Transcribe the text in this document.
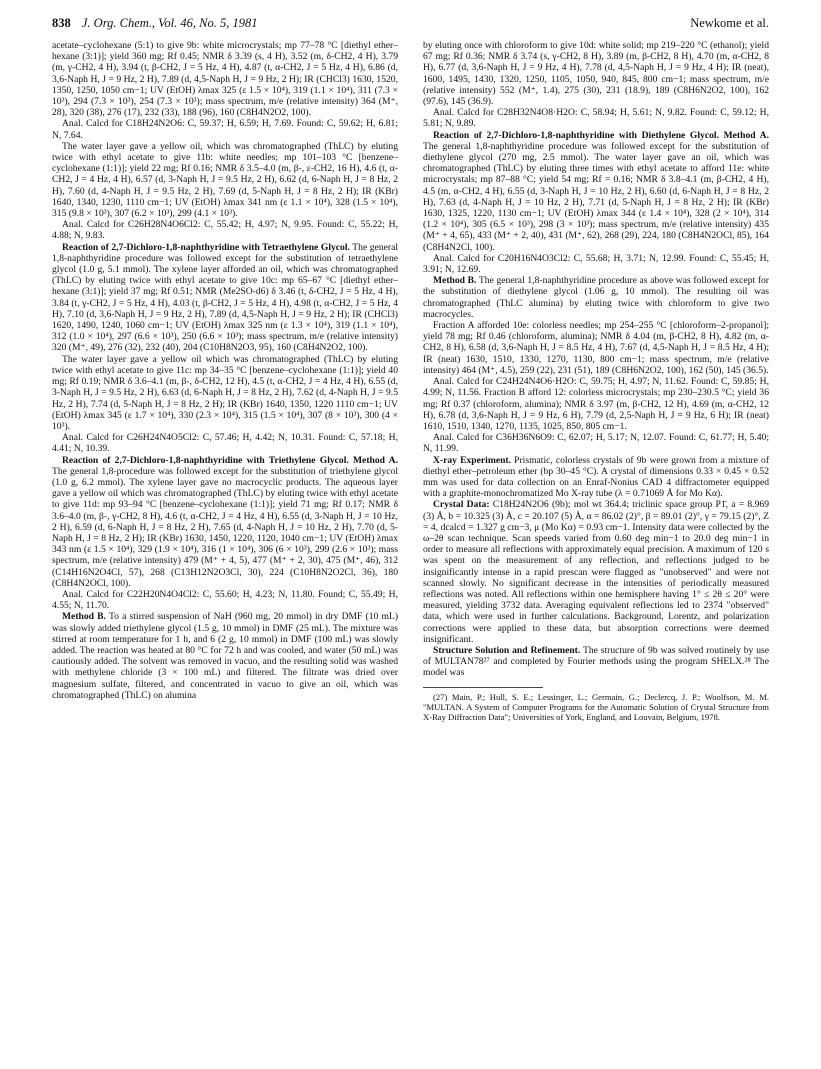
838 J. Org. Chem., Vol. 46, No. 5, 1981	Newkome et al.

acetate–cyclohexane (5:1) to give 9b: white microcrystals; mp 77–78 °C [diethyl ether–hexane (3:1)]; yield 360 mg; Rf 0.45; NMR δ 3.39 (s, 4 H), 3.52 (m, δ-CH2, 4 H), 3.79 (m, γ-CH2, 4 H), 3.94 (t, β-CH2, J = 5 Hz, 4 H), 4.87 (t, α-CH2, J = 5 Hz, 4 H), 6.86 (d, 3,6-Naph H, J = 9 Hz, 2 H), 7.89 (d, 4,5-Naph H, J = 9 Hz, 2 H); IR (CHCl3) 1630, 1520, 1350, 1250, 1050 cm−1; UV (EtOH) λmax 325 (ε 1.5 × 10⁴), 319 (1.1 × 10⁴), 311 (7.3 × 10³), 294 (7.3 × 10³), 254 (7.3 × 10³); mass spectrum, m/e (relative intensity) 364 (M⁺, 28), 320 (38), 276 (17), 232 (33), 188 (96), 160 (C8H4N2O2, 100).

Anal. Calcd for C18H24N2O6: C, 59.37; H, 6.59; H, 7.69. Found: C, 59.62; H, 6.81; N, 7.64.

The water layer gave a yellow oil, which was chromatographed (ThLC) by eluting twice with ethyl acetate to give 11b: white needles; mp 101–103 °C [benzene–cyclohexane (1:1)]; yield 22 mg; Rf 0.16; NMR δ 3.5–4.0 (m, β-, ε-CH2, 16 H), 4.6 (t, α-CH2, J = 4 Hz, 4 H), 6.57 (d, 3-Naph H, J = 9.5 Hz, 2 H), 6.62 (d, 6-Naph H, J = 8 Hz, 2 H), 7.60 (d, 4-Naph H, J = 9.5 Hz, 2 H), 7.69 (d, 5-Naph H, J = 8 Hz, 2 H); IR (KBr) 1640, 1340, 1230, 1110 cm−1; UV (EtOH) λmax 341 nm (ε 1.1 × 10⁴), 328 (1.5 × 10⁴), 315 (9.8 × 10³), 307 (6.2 × 10³), 299 (4.1 × 10³).

Anal. Calcd for C26H28N4O6Cl2: C, 55.42; H, 4.97; N, 9.95. Found: C, 55.22; H, 4.88; N, 9.83.

Reaction of 2,7-Dichloro-1,8-naphthyridine with Tetraethylene Glycol. The general 1,8-naphthyridine procedure was followed except for the substitution of tetraethylene glycol (1.0 g, 5.1 mmol). The xylene layer afforded an oil, which was chromatographed (ThLC) by eluting twice with ethyl acetate to give 10c: mp 65–67 °C [diethyl ether–hexane (3:1)]; yield 37 mg; Rf 0.51; NMR (Me2SO-d6) δ 3.46 (t, δ-CH2, J = 5 Hz, 4 H), 3.84 (t, γ-CH2, J = 5 Hz, 4 H), 4.03 (t, β-CH2, J = 5 Hz, 4 H), 4.98 (t, α-CH2, J = 5 Hz, 4 H), 7.10 (d, 3,6-Naph H, J = 9 Hz, 2 H), 7.89 (d, 4,5-Naph H, J = 9 Hz, 2 H); IR (CHCl3) 1620, 1490, 1240, 1060 cm−1; UV (EtOH) λmax 325 nm (ε 1.3 × 10⁴), 319 (1.1 × 10⁴), 312 (1.0 × 10⁴), 297 (6.6 × 10³), 250 (6.6 × 10³); mass spectrum, m/e (relative intensity) 320 (M⁺, 49), 276 (32), 232 (40), 204 (C10H8N2O3, 95), 160 (C8H4N2O2, 100).

The water layer gave a yellow oil which was chromatographed (ThLC) by eluting twice with ethyl acetate to give 11c: mp 34–35 °C [benzene–cyclohexane (1:1)]; yield 40 mg; Rf 0.19; NMR δ 3.6–4.1 (m, β-, δ-CH2, 12 H), 4.5 (t, α-CH2, J = 4 Hz, 4 H), 6.55 (d, 3-Naph H, J = 9.5 Hz, 2 H), 6.63 (d, 6-Naph H, J = 8 Hz, 2 H), 7.62 (d, 4-Naph H, J = 9.5 Hz, 2 H), 7.74 (d, 5-Naph H, J = 8 Hz, 2 H); IR (KBr) 1640, 1350, 1220 1110 cm−1; UV (EtOH) λmax 345 (ε 1.7 × 10⁴), 330 (2.3 × 10⁴), 315 (1.5 × 10⁴), 307 (8 × 10³), 300 (4 × 10³).

Anal. Calcd for C26H24N4O5Cl2: C, 57.46; H, 4.42; N, 10.31. Found: C, 57.18; H, 4.41; N, 10.39.

Reaction of 2,7-Dichloro-1,8-naphthyridine with Triethylene Glycol. Method A. The general 1,8-procedure was followed except for the substitution of triethylene glycol (1.0 g, 6.2 mmol). The xylene layer gave no macrocyclic products. The aqueous layer gave a yellow oil which was chromatographed (ThLC) by eluting twice with ethyl acetate to give 11d: mp 93–94 °C [benzene–cyclohexane (1:1)]; yield 71 mg; Rf 0.17; NMR δ 3.6–4.0 (m, β-, γ-CH2, 8 H), 4.6 (t, α-CH2, J = 4 Hz, 4 H), 6.55 (d, 3-Naph H, J = 10 Hz, 2 H), 6.59 (d, 6-Naph H, J = 8 Hz, 2 H), 7.65 (d, 4-Naph H, J = 10 Hz, 2 H), 7.70 (d, 5-Naph H, J = 8 Hz, 2 H); IR (KBr) 1630, 1450, 1220, 1120, 1040 cm−1; UV (EtOH) λmax 343 nm (ε 1.5 × 10⁴), 329 (1.9 × 10⁴), 316 (1 × 10⁴), 306 (6 × 10³), 299 (2.6 × 10³); mass spectrum, m/e (relative intensity) 479 (M⁺ + 4, 5), 477 (M⁺ + 2, 30), 475 (M⁺, 46), 312 (C14H16N2O4Cl, 57), 268 (C13H12N2O3Cl, 30), 224 (C10H8N2O2Cl, 36), 180 (C8H4N2OCl, 100).

Anal. Calcd for C22H20N4O4Cl2: C, 55.60; H, 4.23; N, 11.80. Found; C, 55.49; H, 4.55; N, 11.70.

Method B. To a stirred suspension of NaH (960 mg, 20 mmol) in dry DMF (10 mL) was slowly added triethylene glycol (1.5 g, 10 mmol) in DMF (25 mL). The mixture was stirred at room temperature for 1 h, and 6 (2 g, 10 mmol) in DMF (100 mL) was slowly added. The reaction was heated at 80 °C for 72 h and was cooled, and water (50 mL) was cautiously added. The solvent was removed in vacuo, and the resulting solid was washed with methylene chloride (3 × 100 mL) and filtered. The filtrate was dried over magnesium sulfate, filtered, and concentrated in vacuo to give an oil, which was chromatographed (ThLC) on alumina

by eluting once with chloroform to give 10d: white solid; mp 219–220 °C (ethanol); yield 67 mg; Rf 0.36; NMR δ 3.74 (s, γ-CH2, 8 H), 3.89 (m, β-CH2, 8 H), 4.70 (m, α-CH2, 8 H), 6.77 (d, 3,6-Naph H, J = 9 Hz, 4 H), 7.78 (d, 4,5-Naph H, J = 9 Hz, 4 H); IR (neat), 1600, 1495, 1430, 1320, 1250, 1105, 1050, 940, 845, 800 cm−1; mass spectrum, m/e (relative intensity) 552 (M⁺, 1.4), 275 (30), 231 (18.9), 189 (C8H6N2O2, 100), 162 (97.6), 145 (36.9).

Anal. Calcd for C28H32N4O8·H2O: C, 58.94; H, 5.61; N, 9.82. Found: C, 59.12; H, 5.81; N, 9.89.

Reaction of 2,7-Dichloro-1,8-naphthyridine with Diethylene Glycol. Method A. The general 1,8-naphthyridine procedure was followed except for the substitution of diethylene glycol (270 mg, 2.5 mmol). The water layer gave an oil, which was chromatographed (ThLC) by eluting three times with ethyl acetate to afford 11e: white microcrystals; mp 87–88 °C; yield 54 mg; Rf = 0.16; NMR δ 3.8–4.1 (m, β-CH2, 4 H), 4.5 (m, α-CH2, 4 H), 6.55 (d, 3-Naph H, J = 10 Hz, 2 H), 6.60 (d, 6-Naph H, J = 8 Hz, 2 H), 7.63 (d, 4-Naph H, J = 10 Hz, 2 H), 7.71 (d, 5-Naph H, J = 8 Hz, 2 H); IR (KBr) 1630, 1325, 1220, 1130 cm−1; UV (EtOH) λmax 344 (ε 1.4 × 10⁴), 328 (2 × 10⁴), 314 (1.2 × 10⁴), 305 (6.5 × 10³), 298 (3 × 10³); mass spectrum, m/e (relative intensity) 435 (M⁺ + 4, 65), 433 (M⁺ + 2, 40), 431 (M⁺, 62), 268 (29), 224, 180 (C8H4N2OCl, 85), 164 (C8H4N2Cl, 100).

Anal. Calcd for C20H16N4O3Cl2: C, 55.68; H, 3.71; N, 12.99. Found: C, 55.45; H, 3.91; N, 12.69.

Method B. The general 1,8-naphthyridine procedure as above was followed except for the substitution of diethylene glycol (1.06 g, 10 mmol). The resulting oil was chromatographed (ThLC alumina) by eluting twice with chloroform to give two macrocycles.

Fraction A afforded 10e: colorless needles; mp 254–255 °C [chloroform–2-propanol]; yield 78 mg; Rf 0.46 (chloroform, alumina); NMR δ 4.04 (m, β-CH2, 8 H), 4.82 (m, α-CH2, 8 H), 6.58 (d, 3,6-Naph H, J = 8.5 Hz, 4 H), 7.67 (d, 4,5-Naph H, J = 8.5 Hz, 4 H); IR (neat) 1630, 1510, 1330, 1270, 1130, 800 cm−1; mass spectrum, m/e (relative intensity) 464 (M⁺, 4.5), 259 (22), 231 (51), 189 (C8H6N2O2, 100), 162 (50), 145 (36.5).

Anal. Calcd for C24H24N4O6·H2O: C, 59.75; H, 4.97; N, 11.62. Found: C, 59.85; H, 4.99; N, 11.56. Fraction B afford 12: colorless microcrystals; mp 230–230.5 °C; yield 36 mg; Rf 0.37 (chloroform, alumina); NMR δ 3.97 (m, β-CH2, 12 H), 4.69 (m, α-CH2, 12 H), 6.78 (d, 3,6-Naph H, J = 9 Hz, 6 H), 7.79 (d, 2,5-Naph H, J = 9 Hz, 6 H); IR (neat) 1610, 1510, 1340, 1270, 1135, 1025, 850, 805 cm−1.

Anal. Calcd for C36H36N6O9: C, 62.07; H, 5.17; N, 12.07. Found: C, 61.77; H, 5.40; N, 11.99.

X-ray Experiment. Prismatic, colorless crystals of 9b were grown from a mixture of diethyl ether–petroleum ether (bp 30–45 °C). A crystal of dimensions 0.33 × 0.45 × 0.52 mm was used for data collection on an Enraf-Nonius CAD 4 diffractometer equipped with a graphite-monochromatized Mo X-ray tube (λ = 0.71069 Å for Mo Kα).

Crystal Data: C18H24N2O6 (9b); mol wt 364.4; triclinic space group P1̄, a = 8.969 (3) Å, b = 10.325 (3) Å, c = 20.107 (5) Å, α = 86.02 (2)°, β = 89.01 (2)°, γ = 79.15 (2)°, Z = 4, dcalcd = 1.327 g cm−3, μ (Mo Kα) = 0.93 cm−1. Intensity data were collected by the ω–2θ scan technique. Scan speeds varied from 0.60 deg min−1 to 20.0 deg min−1 in order to measure all reflections with approximately equal precision. A maximum of 120 s was spent on the measurement of any reflection, and reflections judged to be insignificantly intense in a rapid prescan were flagged as "unobserved" and were not scanned slowly. No significant decrease in the intensities of periodically measured reflections was noted. All reflections within one hemisphere having 1° ≤ 2θ ≤ 20° were measured, yielding 3732 data. Averaging equivalent reflections led to 2374 "observed" data, which were used in further calculations. Background, Lorentz, and polarization corrections were applied to these data, but absorption corrections were deemed insignificant.

Structure Solution and Refinement. The structure of 9b was solved routinely by use of MULTAN78²⁷ and completed by Fourier methods using the program SHELX.²⁸ The model was

(27) Main, P.; Hull, S. E.; Lessinger, L.; Germain, G.; Declercq, J. P.; Woolfson, M. M. "MULTAN. A System of Computer Programs for the Automatic Solution of Crystal Structure from X-Ray Diffraction Data"; Universities of York, England, and Louvain, Belgium, 1978.
